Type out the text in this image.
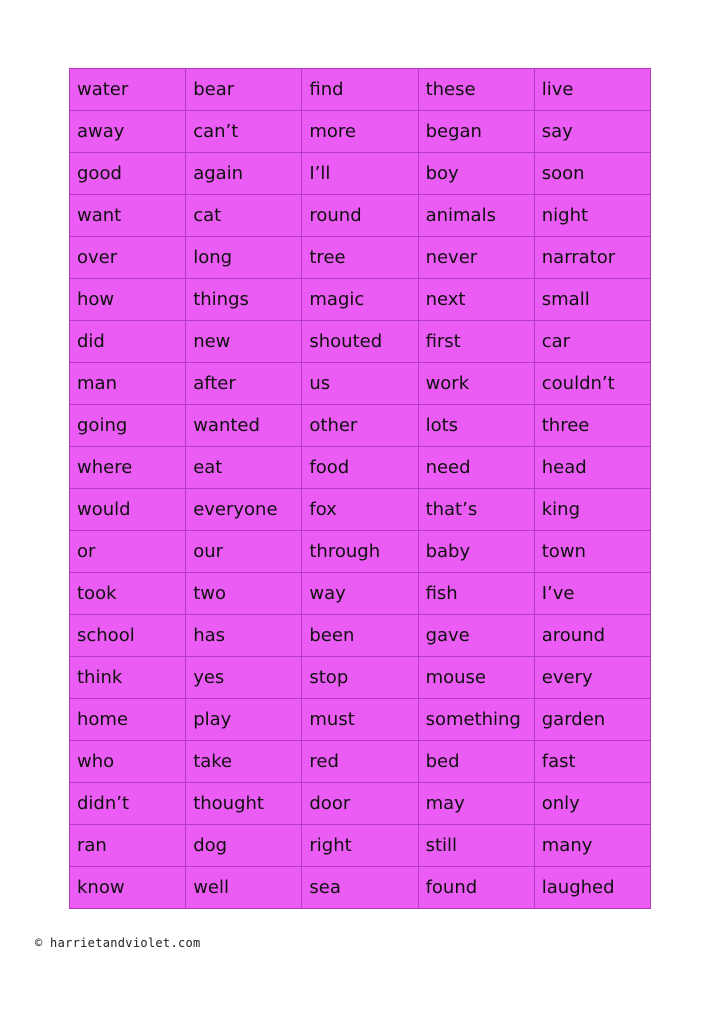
water	bear	find	these	live
away	can’t	more	began	say
good	again	I’ll	boy	soon
want	cat	round	animals	night
over	long	tree	never	narrator
how	things	magic	next	small
did	new	shouted	first	car
man	after	us	work	couldn’t
going	wanted	other	lots	three
where	eat	food	need	head
would	everyone	fox	that’s	king
or	our	through	baby	town
took	two	way	fish	I’ve
school	has	been	gave	around
think	yes	stop	mouse	every
home	play	must	something	garden
who	take	red	bed	fast
didn’t	thought	door	may	only
ran	dog	right	still	many
know	well	sea	found	laughed
© harrietandviolet.com
